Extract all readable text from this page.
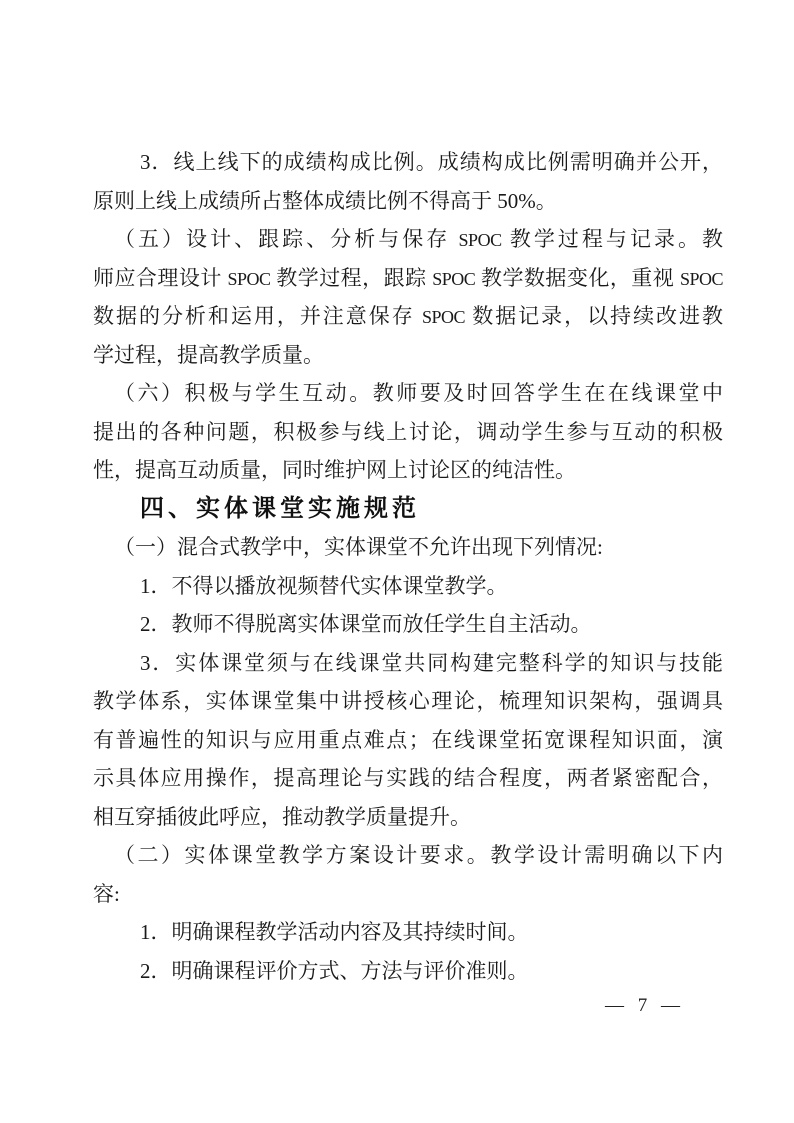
3．线上线下的成绩构成比例。成绩构成比例需明确并公开，
原则上线上成绩所占整体成绩比例不得高于 50%。
（五）设计、跟踪、分析与保存 SPOC 教学过程与记录。教
师应合理设计 SPOC 教学过程，跟踪 SPOC 教学数据变化，重视 SPOC
数据的分析和运用，并注意保存 SPOC 数据记录，以持续改进教
学过程，提高教学质量。
（六）积极与学生互动。教师要及时回答学生在在线课堂中
提出的各种问题，积极参与线上讨论，调动学生参与互动的积极
性，提高互动质量，同时维护网上讨论区的纯洁性。
四、实体课堂实施规范
（一）混合式教学中，实体课堂不允许出现下列情况:
1．不得以播放视频替代实体课堂教学。
2．教师不得脱离实体课堂而放任学生自主活动。
3．实体课堂须与在线课堂共同构建完整科学的知识与技能
教学体系，实体课堂集中讲授核心理论，梳理知识架构，强调具
有普遍性的知识与应用重点难点；在线课堂拓宽课程知识面，演
示具体应用操作，提高理论与实践的结合程度，两者紧密配合，
相互穿插彼此呼应，推动教学质量提升。
（二）实体课堂教学方案设计要求。教学设计需明确以下内
容:
1．明确课程教学活动内容及其持续时间。
2．明确课程评价方式、方法与评价准则。
— 7 —
